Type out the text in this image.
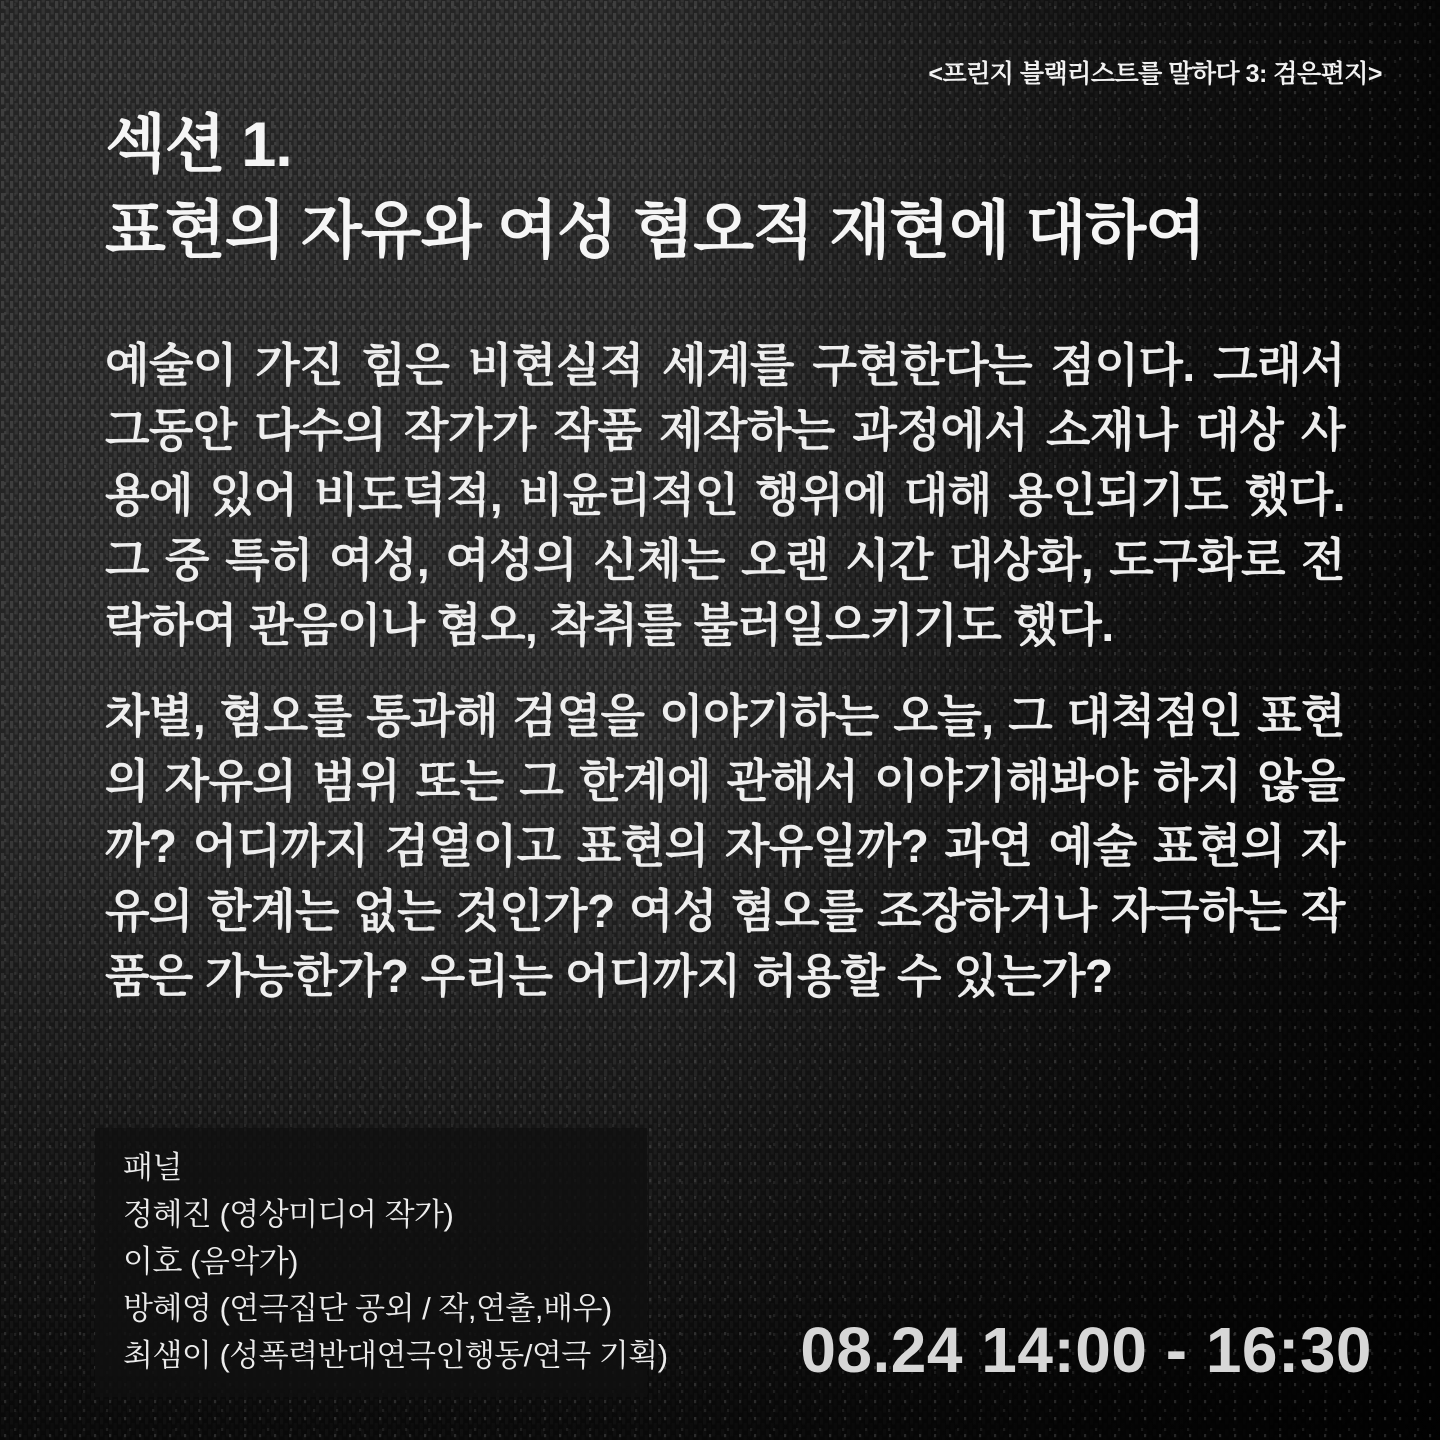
<프린지 블랙리스트를 말하다 3: 검은편지>
섹션 1.
표현의 자유와 여성 혐오적 재현에 대하여

예술이 가진 힘은 비현실적 세계를 구현한다는 점이다. 그래서 그동안 다수의 작가가 작품 제작하는 과정에서 소재나 대상 사용에 있어 비도덕적, 비윤리적인 행위에 대해 용인되기도 했다. 그 중 특히 여성, 여성의 신체는 오랜 시간 대상화, 도구화로 전락하여 관음이나 혐오, 착취를 불러일으키기도 했다.

차별, 혐오를 통과해 검열을 이야기하는 오늘, 그 대척점인 표현의 자유의 범위 또는 그 한계에 관해서 이야기해봐야 하지 않을까? 어디까지 검열이고 표현의 자유일까? 과연 예술 표현의 자유의 한계는 없는 것인가? 여성 혐오를 조장하거나 자극하는 작품은 가능한가? 우리는 어디까지 허용할 수 있는가?

패널
정혜진 (영상미디어 작가)
이호 (음악가)
방혜영 (연극집단 공외 / 작,연출,배우)
최샘이 (성폭력반대연극인행동/연극 기획) 08.24 14:00 - 16:30
